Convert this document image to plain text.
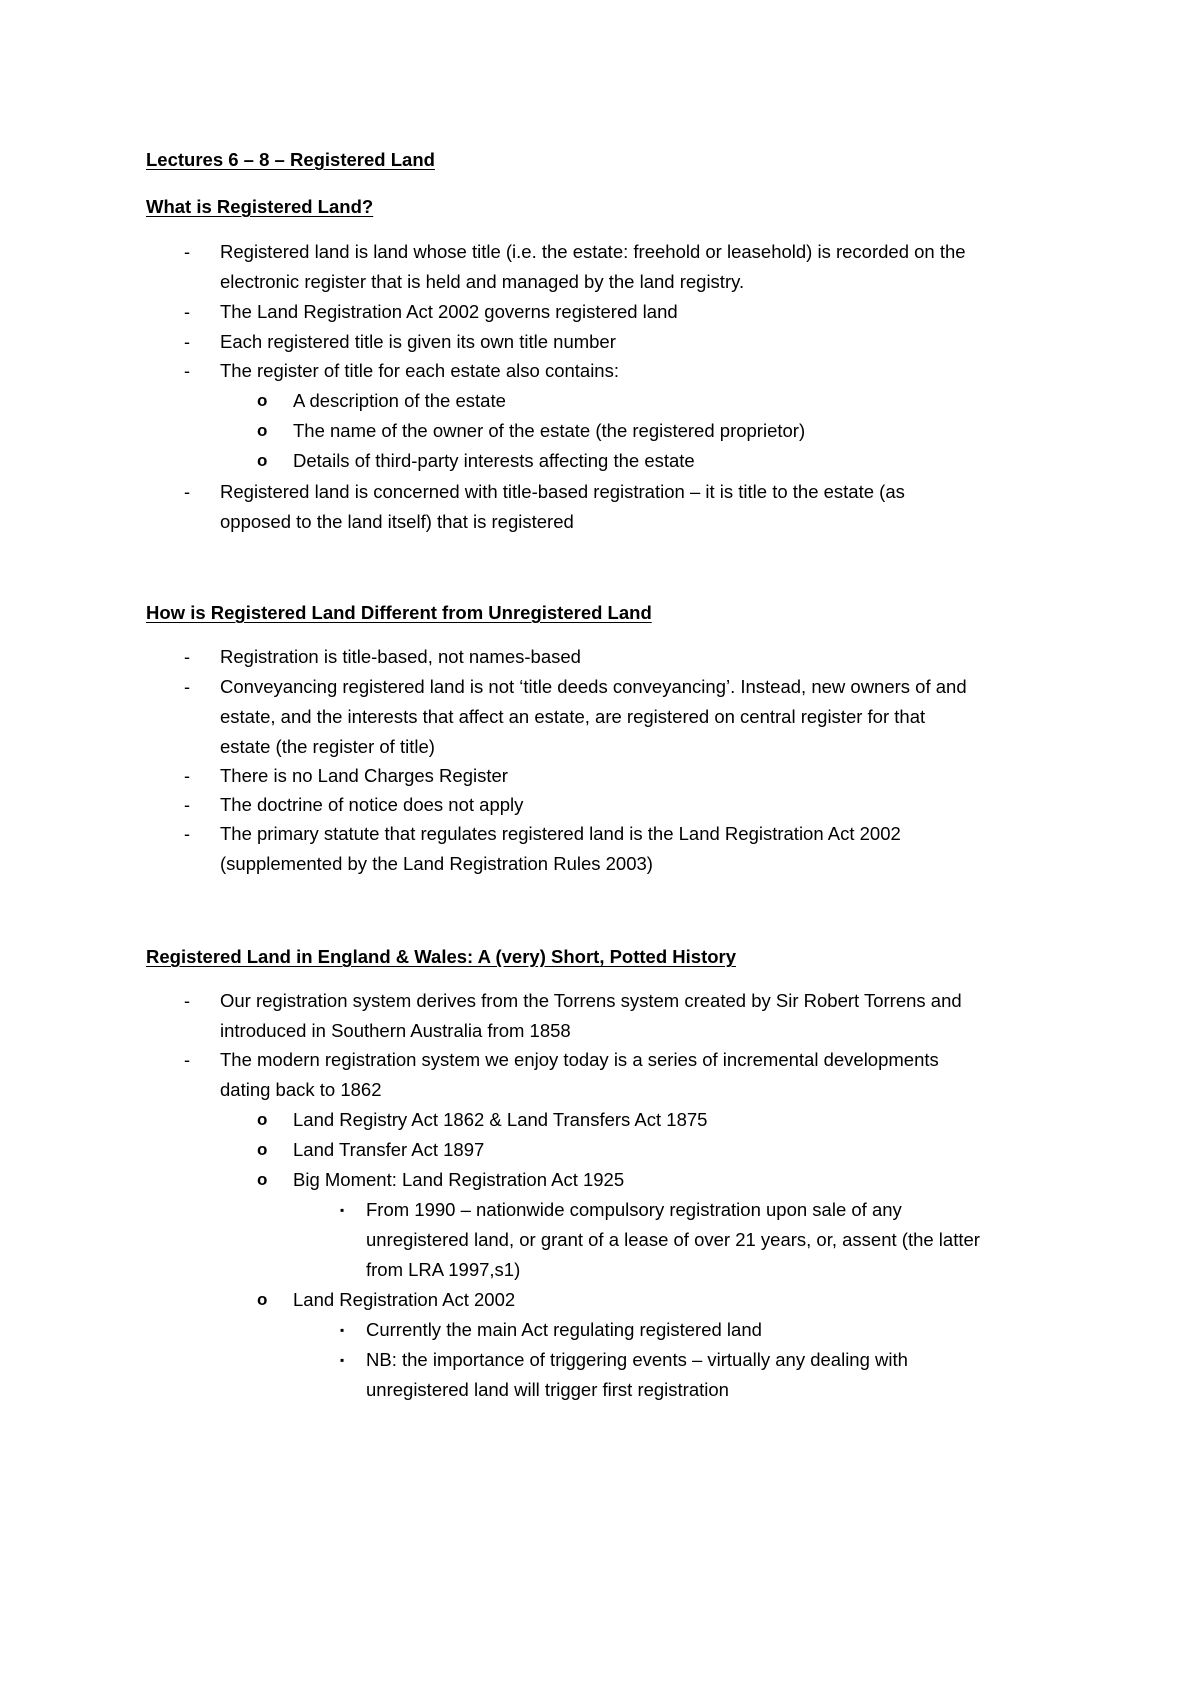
Lectures 6 – 8 – Registered Land
What is Registered Land?
- Registered land is land whose title (i.e. the estate: freehold or leasehold) is recorded on the
electronic register that is held and managed by the land registry.
- The Land Registration Act 2002 governs registered land
- Each registered title is given its own title number
- The register of title for each estate also contains:
o A description of the estate
o The name of the owner of the estate (the registered proprietor)
o Details of third-party interests affecting the estate
- Registered land is concerned with title-based registration – it is title to the estate (as
opposed to the land itself) that is registered
How is Registered Land Different from Unregistered Land
- Registration is title-based, not names-based
- Conveyancing registered land is not ‘title deeds conveyancing’. Instead, new owners of and
estate, and the interests that affect an estate, are registered on central register for that
estate (the register of title)
- There is no Land Charges Register
- The doctrine of notice does not apply
- The primary statute that regulates registered land is the Land Registration Act 2002
(supplemented by the Land Registration Rules 2003)
Registered Land in England & Wales: A (very) Short, Potted History
- Our registration system derives from the Torrens system created by Sir Robert Torrens and
introduced in Southern Australia from 1858
- The modern registration system we enjoy today is a series of incremental developments
dating back to 1862
o Land Registry Act 1862 & Land Transfers Act 1875
o Land Transfer Act 1897
o Big Moment: Land Registration Act 1925
▪ From 1990 – nationwide compulsory registration upon sale of any
unregistered land, or grant of a lease of over 21 years, or, assent (the latter
from LRA 1997,s1)
o Land Registration Act 2002
▪ Currently the main Act regulating registered land
▪ NB: the importance of triggering events – virtually any dealing with
unregistered land will trigger first registration
